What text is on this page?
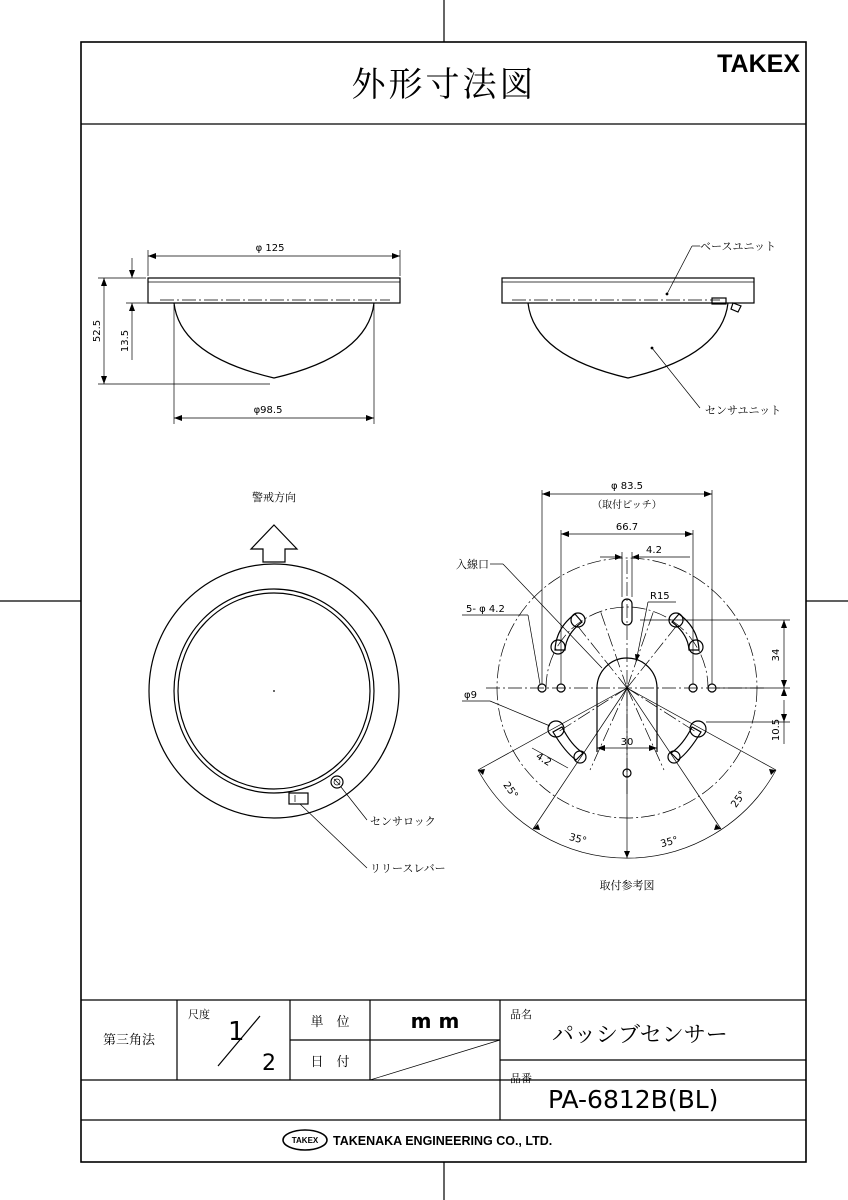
外形寸法図
TAKEX
φ 125
φ98.5
52.5 13.5
ベースユニット
センサユニット
警戒方向
センサロック
リリースレバー
φ 83.5
（取付ピッチ）
66.7
4.2
入線口
5- φ 4.2
R15
φ9
34
10.5
30
4.2
25°
35°	35°
25°
取付参考図
第三角法
尺度
1
2
単　位	m m
日　付
品名
パッシブセンサー
品番
PA-6812B(BL)
TAKEX TAKENAKA ENGINEERING CO., LTD.
